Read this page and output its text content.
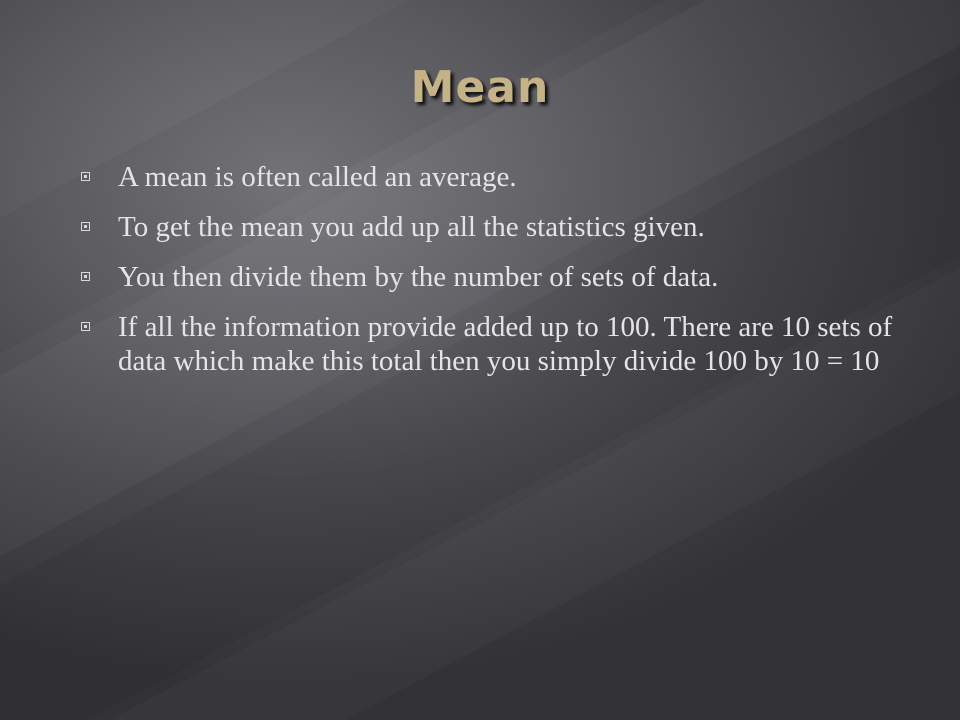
Mean
A mean is often called an average.
To get the mean you add up all the statistics given.
You then divide them by the number of sets of data.
If all the information provide added up to 100. There are 10 sets of data which make this total then you simply divide 100 by 10 = 10
